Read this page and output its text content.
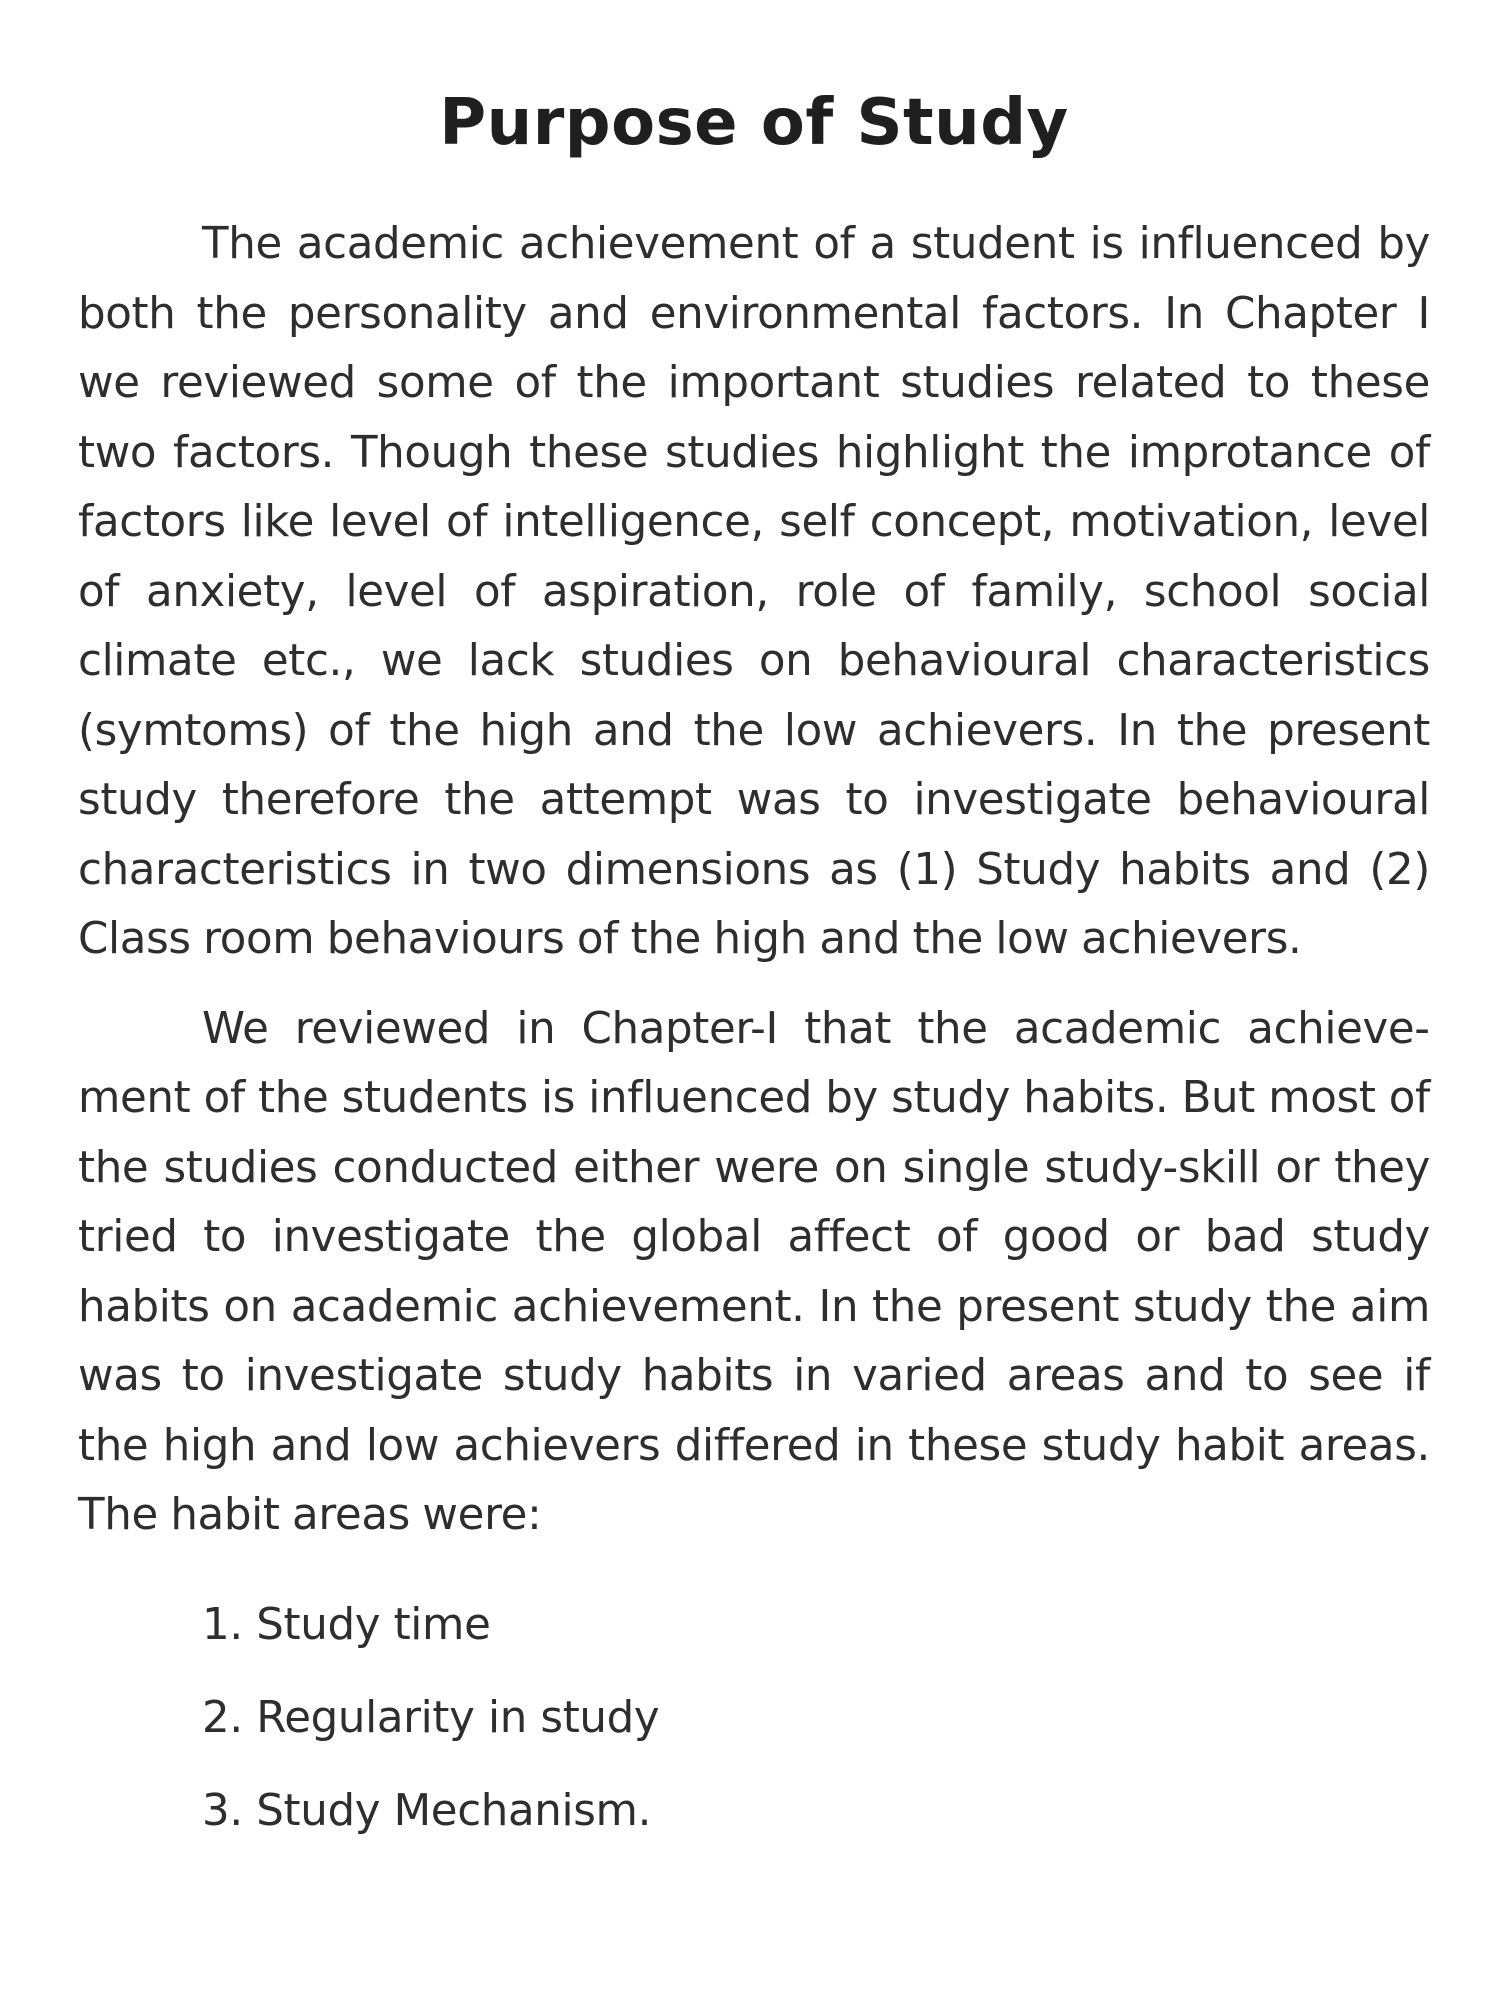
Purpose of Study

The academic achievement of a student is influenced by both the personality and environmental factors. In Chapter I we reviewed some of the important studies related to these two factors. Though these studies highlight the improtance of factors like level of intelligence, self concept, motivation, level of anxiety, level of aspiration, role of family, school social climate etc., we lack studies on behavioural characteristics (symtoms) of the high and the low achievers. In the present study therefore the attempt was to investigate behavioural characteristics in two dimensions as (1) Study habits and (2) Class room behaviours of the high and the low achievers.

We reviewed in Chapter-I that the academic achievement of the students is influenced by study habits. But most of the studies conducted either were on single study-skill or they tried to investigate the global affect of good or bad study habits on academic achievement. In the present study the aim was to investigate study habits in varied areas and to see if the high and low achievers differed in these study habit areas. The habit areas were:

1. Study time
2. Regularity in study
3. Study Mechanism.
